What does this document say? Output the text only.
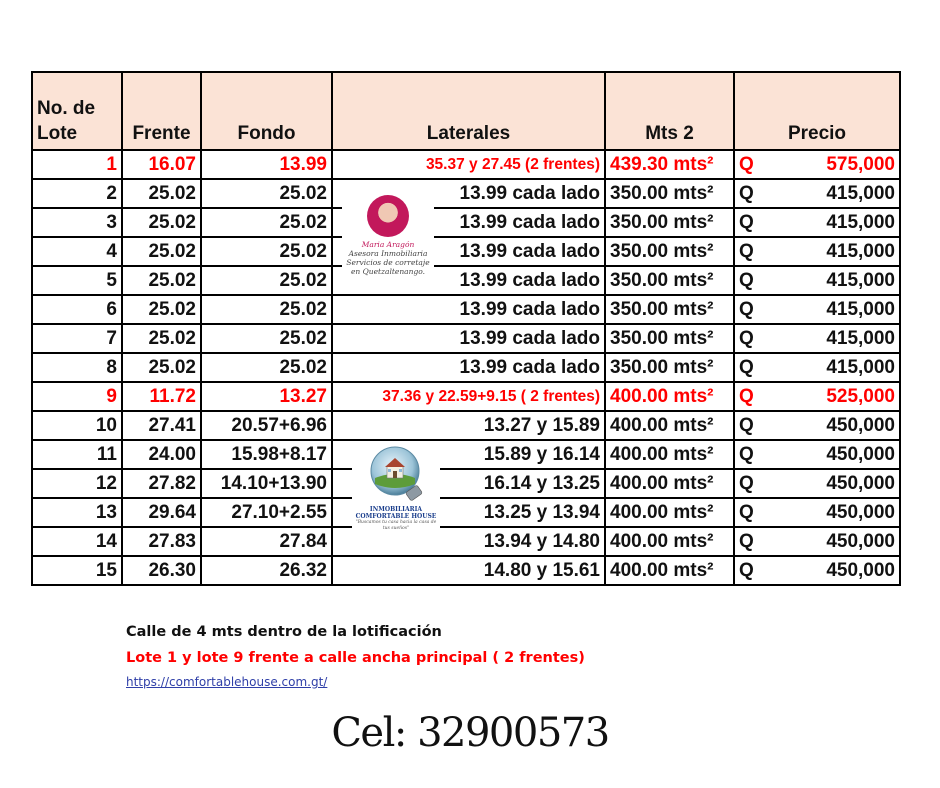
No. de
Lote	Frente	Fondo	Laterales	Mts 2	Precio
1	16.07	13.99	35.37 y 27.45 (2 frentes)	439.30 mts²	Q 575,000

2	25.02	25.02	13.99 cada lado	350.00 mts²	Q 415,000

3	25.02	25.02	13.99 cada lado	350.00 mts²	Q 415,000

4	25.02	25.02	13.99 cada lado	350.00 mts²	Q 415,000

5	25.02	25.02	13.99 cada lado	350.00 mts²	Q 415,000

6	25.02	25.02	13.99 cada lado	350.00 mts²	Q 415,000

7	25.02	25.02	13.99 cada lado	350.00 mts²	Q 415,000

8	25.02	25.02	13.99 cada lado	350.00 mts²	Q 415,000

9	11.72	13.27	37.36 y 22.59+9.15 ( 2 frentes)	400.00 mts²	Q 525,000

10	27.41	20.57+6.96	13.27 y 15.89	400.00 mts²	Q 450,000

11	24.00	15.98+8.17	15.89 y 16.14	400.00 mts²	Q 450,000

12	27.82	14.10+13.90	16.14 y 13.25	400.00 mts²	Q 450,000

13	29.64	27.10+2.55	13.25 y 13.94	400.00 mts²	Q 450,000

14	27.83	27.84	13.94 y 14.80	400.00 mts²	Q 450,000

15	26.30	26.32	14.80 y 15.61	400.00 mts²	Q 450,000
Maria Aragón
Asesora Inmobiliaria
Servicios de corretaje
en Quetzaltenango.
INMOBILIARIA
COMFORTABLE HOUSE
"Buscamos tu casa hacia la casa de tus sueños"
Calle de 4 mts dentro de la lotificación
Lote 1 y lote 9 frente a calle ancha principal ( 2 frentes)
https://comfortablehouse.com.gt/
Cel: 32900573
